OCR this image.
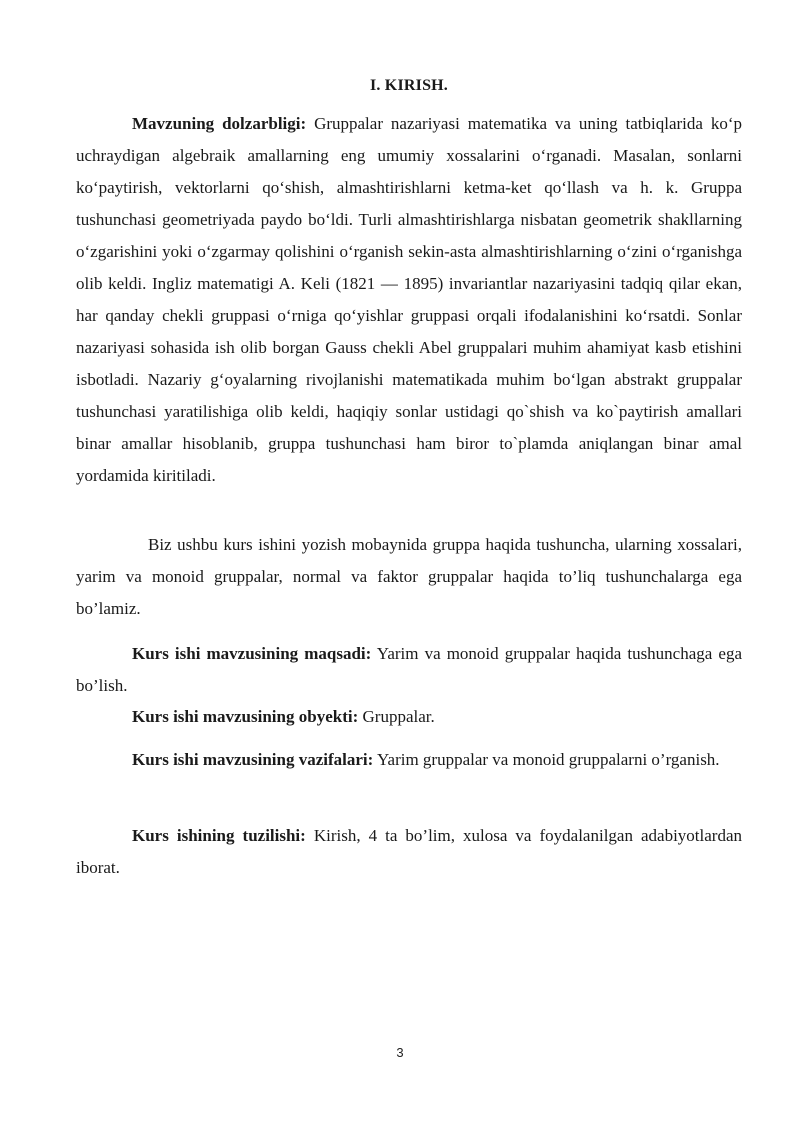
I. KIRISH.

Mavzuning dolzarbligi: Gruppalar nazariyasi matematika va uning tatbiqlarida ko‘p uchraydigan algebraik amallarning eng umumiy xossalarini o‘rganadi. Masalan, sonlarni ko‘paytirish, vektorlarni qo‘shish, almashtirishlarni ketma-ket qo‘llash va h. k. Gruppa tushunchasi geometriyada paydo bo‘ldi. Turli almashtirishlarga nisbatan geometrik shakllarning o‘zgarishini yoki o‘zgarmay qolishini o‘rganish sekin-asta almashtirishlarning o‘zini o‘rganishga olib keldi. Ingliz matematigi A. Keli (1821 — 1895) invariantlar nazariyasini tadqiq qilar ekan, har qanday chekli gruppasi o‘rniga qo‘yishlar gruppasi orqali ifodalanishini ko‘rsatdi. Sonlar nazariyasi sohasida ish olib borgan Gauss chekli Abel gruppalari muhim ahamiyat kasb etishini isbotladi. Nazariy g‘oyalarning rivojlanishi matematikada muhim bo‘lgan abstrakt gruppalar tushunchasi yaratilishiga olib keldi, haqiqiy sonlar ustidagi qo`shish va ko`paytirish amallari binar amallar hisoblanib, gruppa tushunchasi ham biror to`plamda aniqlangan binar amal yordamida kiritiladi.

Biz ushbu kurs ishini yozish mobaynida gruppa haqida tushuncha, ularning xossalari, yarim va monoid gruppalar, normal va faktor gruppalar haqida to’liq tushunchalarga ega bo’lamiz.

Kurs ishi mavzusining maqsadi: Yarim va monoid gruppalar haqida tushunchaga ega bo’lish.

Kurs ishi mavzusining obyekti: Gruppalar.

Kurs ishi mavzusining vazifalari: Yarim gruppalar va monoid gruppalarni o’rganish.

Kurs ishining tuzilishi: Kirish, 4 ta bo’lim, xulosa va foydalanilgan adabiyotlardan iborat.

3
